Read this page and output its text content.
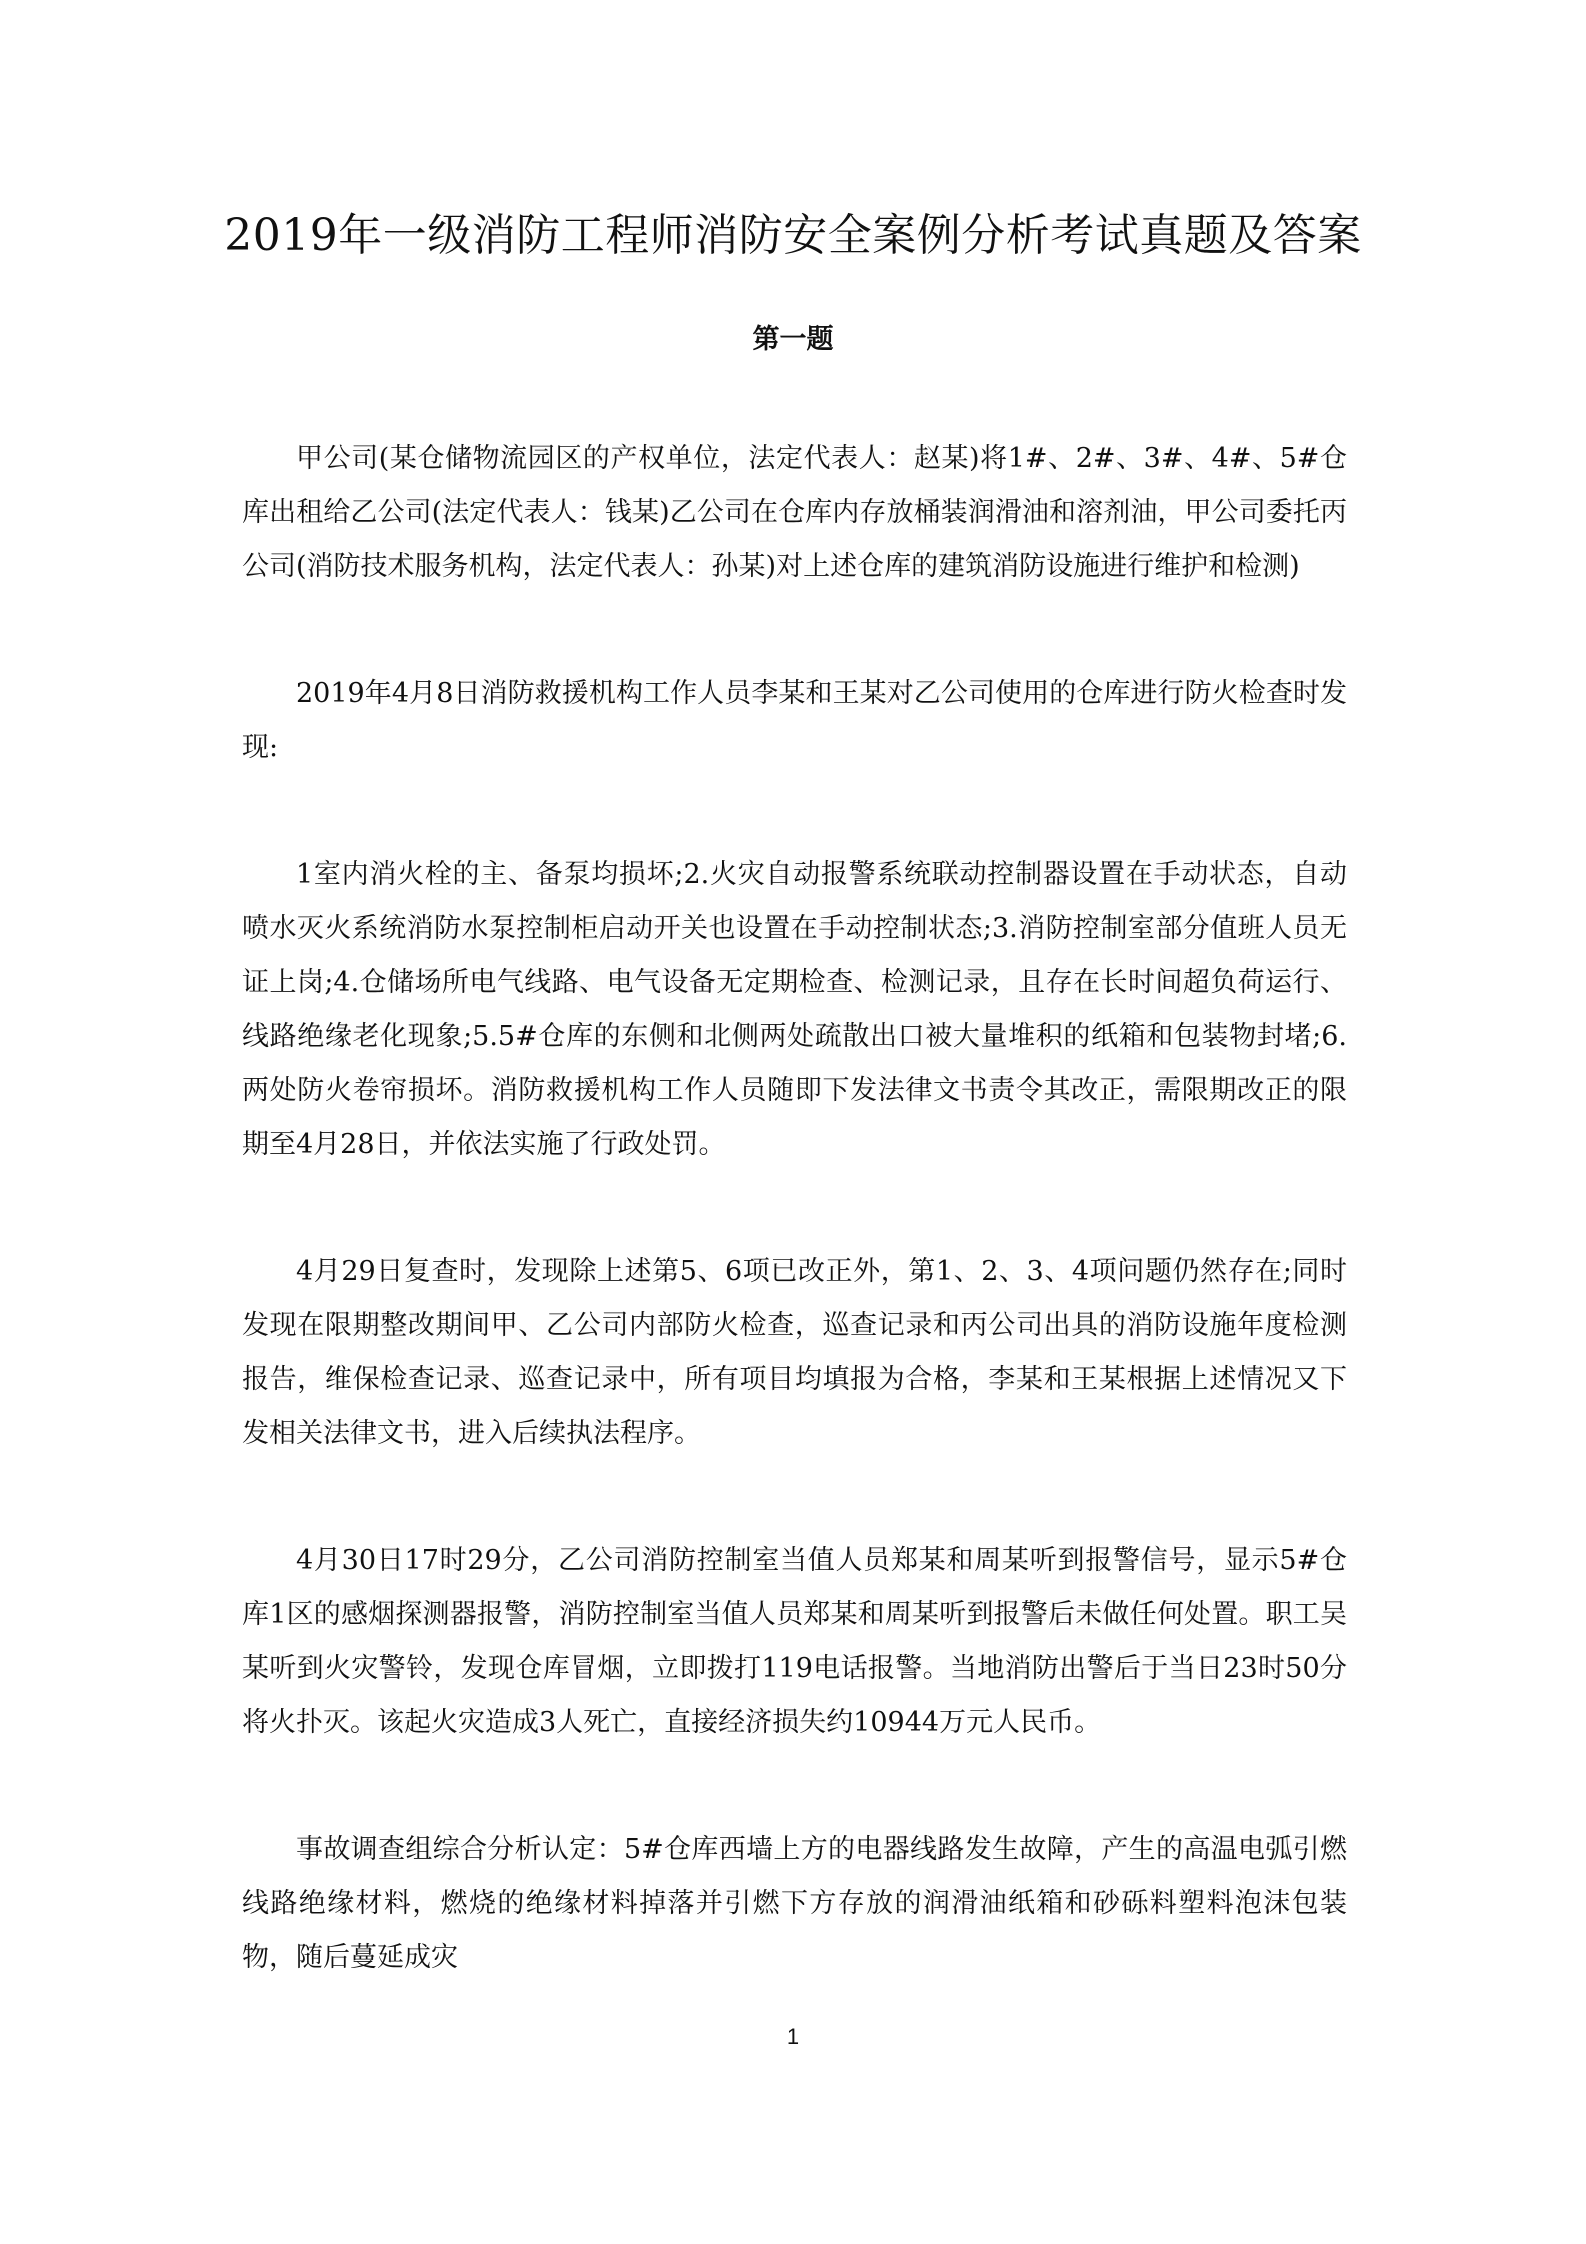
2019年一级消防工程师消防安全案例分析考试真题及答案
第一题

甲公司(某仓储物流园区的产权单位，法定代表人：赵某)将1#、2#、3#、4#、5#仓库出租给乙公司(法定代表人：钱某)乙公司在仓库内存放桶装润滑油和溶剂油，甲公司委托丙公司(消防技术服务机构，法定代表人：孙某)对上述仓库的建筑消防设施进行维护和检测)

2019年4月8日消防救援机构工作人员李某和王某对乙公司使用的仓库进行防火检查时发现:

1室内消火栓的主、备泵均损坏;2.火灾自动报警系统联动控制器设置在手动状态，自动喷水灭火系统消防水泵控制柜启动开关也设置在手动控制状态;3.消防控制室部分值班人员无证上岗;4.仓储场所电气线路、电气设备无定期检查、检测记录，且存在长时间超负荷运行、线路绝缘老化现象;5.5#仓库的东侧和北侧两处疏散出口被大量堆积的纸箱和包装物封堵;6.两处防火卷帘损坏。消防救援机构工作人员随即下发法律文书责令其改正，需限期改正的限期至4月28日，并依法实施了行政处罚。

4月29日复查时，发现除上述第5、6项已改正外，第1、2、3、4项问题仍然存在;同时发现在限期整改期间甲、乙公司内部防火检查，巡查记录和丙公司出具的消防设施年度检测报告，维保检查记录、巡查记录中，所有项目均填报为合格，李某和王某根据上述情况又下发相关法律文书，进入后续执法程序。

4月30日17时29分，乙公司消防控制室当值人员郑某和周某听到报警信号，显示5#仓库1区的感烟探测器报警，消防控制室当值人员郑某和周某听到报警后未做任何处置。职工吴某听到火灾警铃，发现仓库冒烟，立即拨打119电话报警。当地消防出警后于当日23时50分将火扑灭。该起火灾造成3人死亡，直接经济损失约10944万元人民币。

事故调查组综合分析认定：5#仓库西墙上方的电器线路发生故障，产生的高温电弧引燃线路绝缘材料，燃烧的绝缘材料掉落并引燃下方存放的润滑油纸箱和砂砾料塑料泡沫包装物，随后蔓延成灾

1
